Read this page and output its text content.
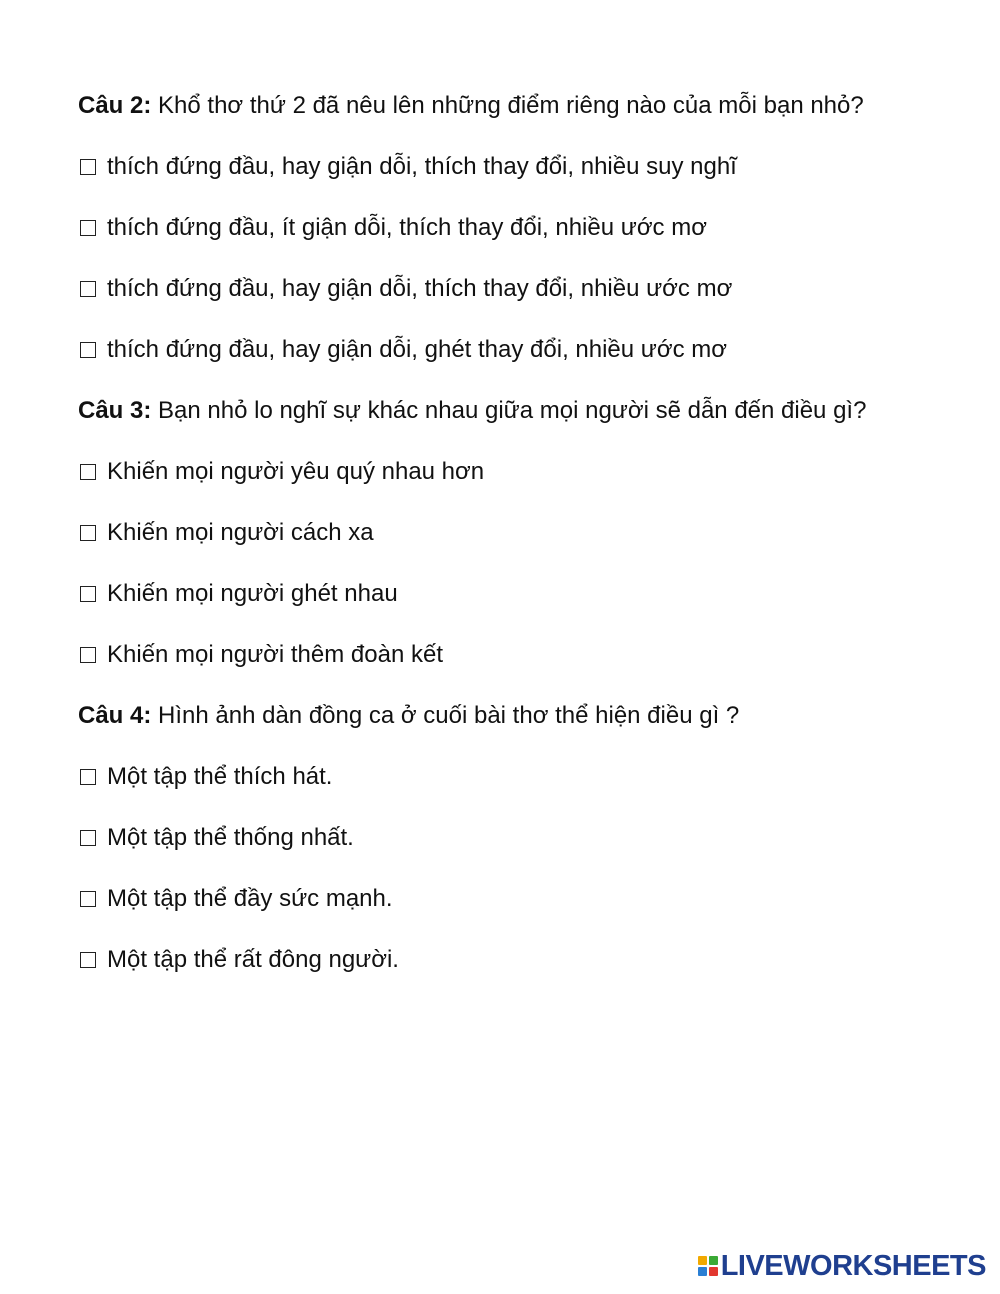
Câu 2: Khổ thơ thứ 2 đã nêu lên những điểm riêng nào của mỗi bạn nhỏ?

thích đứng đầu, hay giận dỗi, thích thay đổi, nhiều suy nghĩ
thích đứng đầu, ít giận dỗi, thích thay đổi, nhiều ước mơ
thích đứng đầu, hay giận dỗi, thích thay đổi, nhiều ước mơ
thích đứng đầu, hay giận dỗi, ghét thay đổi, nhiều ước mơ

Câu 3: Bạn nhỏ lo nghĩ sự khác nhau giữa mọi người sẽ dẫn đến điều gì?

Khiến mọi người yêu quý nhau hơn
Khiến mọi người cách xa
Khiến mọi người ghét nhau
Khiến mọi người thêm đoàn kết

Câu 4: Hình ảnh dàn đồng ca ở cuối bài thơ thể hiện điều gì ?

Một tập thể thích hát.
Một tập thể thống nhất.
Một tập thể đầy sức mạnh.
Một tập thể rất đông người.
LIVEWORKSHEETS
